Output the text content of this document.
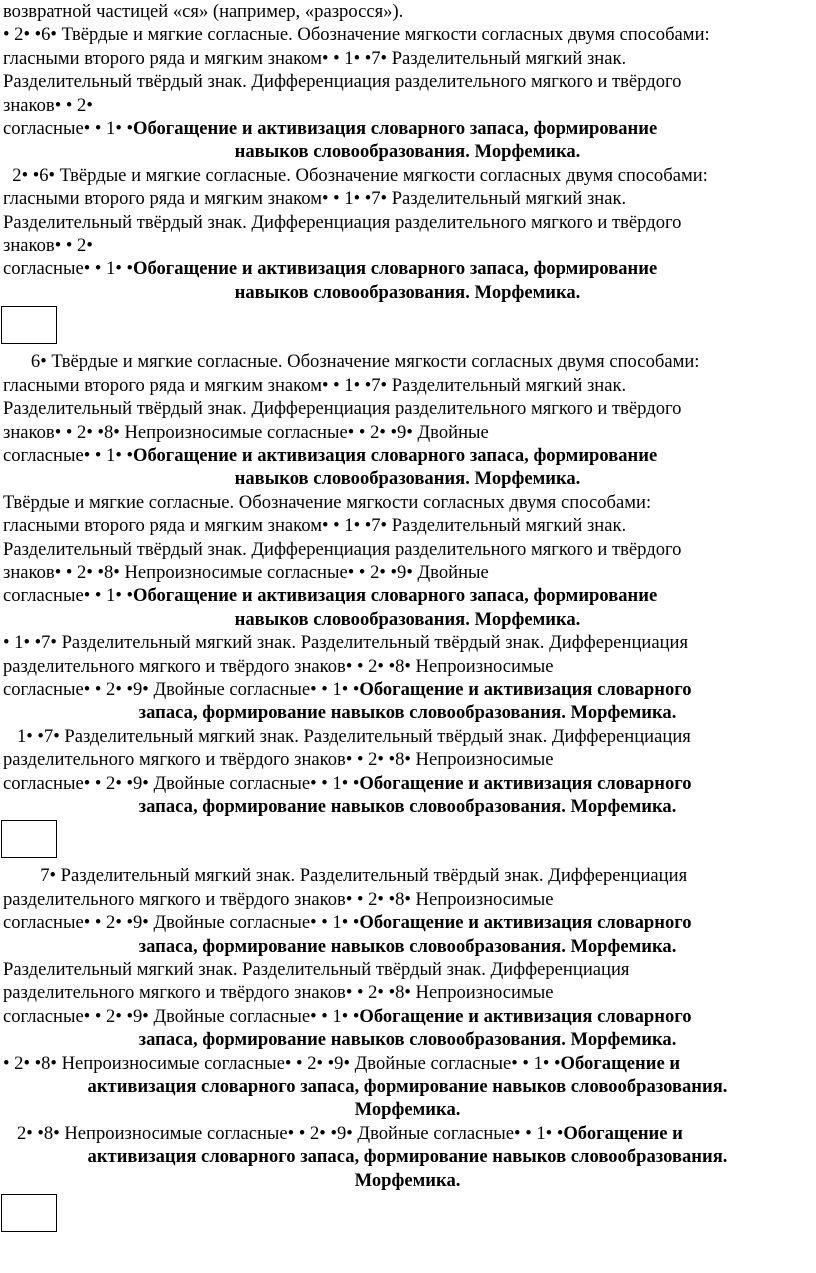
возвратной частицей «ся» (например, «разросся»).
• 2• •6• Твёрдые и мягкие согласные. Обозначение мягкости согласных двумя способами:
гласными второго ряда и мягким знаком• • 1• •7• Разделительный мягкий знак.
Разделительный твёрдый знак. Дифференциация разделительного мягкого и твёрдого
знаков• • 2•
согласные• • 1• •Обогащение и активизация словарного запаса, формирование
навыков словообразования. Морфемика.
2• •6• Твёрдые и мягкие согласные. Обозначение мягкости согласных двумя способами:
гласными второго ряда и мягким знаком• • 1• •7• Разделительный мягкий знак.
Разделительный твёрдый знак. Дифференциация разделительного мягкого и твёрдого
знаков• • 2•
согласные• • 1• •Обогащение и активизация словарного запаса, формирование
навыков словообразования. Морфемика.
6• Твёрдые и мягкие согласные. Обозначение мягкости согласных двумя способами:
гласными второго ряда и мягким знаком• • 1• •7• Разделительный мягкий знак.
Разделительный твёрдый знак. Дифференциация разделительного мягкого и твёрдого
знаков• • 2• •8• Непроизносимые согласные• • 2• •9• Двойные
согласные• • 1• •Обогащение и активизация словарного запаса, формирование
навыков словообразования. Морфемика.
Твёрдые и мягкие согласные. Обозначение мягкости согласных двумя способами:
гласными второго ряда и мягким знаком• • 1• •7• Разделительный мягкий знак.
Разделительный твёрдый знак. Дифференциация разделительного мягкого и твёрдого
знаков• • 2• •8• Непроизносимые согласные• • 2• •9• Двойные
согласные• • 1• •Обогащение и активизация словарного запаса, формирование
навыков словообразования. Морфемика.
• 1• •7• Разделительный мягкий знак. Разделительный твёрдый знак. Дифференциация
разделительного мягкого и твёрдого знаков• • 2• •8• Непроизносимые
согласные• • 2• •9• Двойные согласные• • 1• •Обогащение и активизация словарного
запаса, формирование навыков словообразования. Морфемика.
1• •7• Разделительный мягкий знак. Разделительный твёрдый знак. Дифференциация
разделительного мягкого и твёрдого знаков• • 2• •8• Непроизносимые
согласные• • 2• •9• Двойные согласные• • 1• •Обогащение и активизация словарного
запаса, формирование навыков словообразования. Морфемика.
7• Разделительный мягкий знак. Разделительный твёрдый знак. Дифференциация
разделительного мягкого и твёрдого знаков• • 2• •8• Непроизносимые
согласные• • 2• •9• Двойные согласные• • 1• •Обогащение и активизация словарного
запаса, формирование навыков словообразования. Морфемика.
Разделительный мягкий знак. Разделительный твёрдый знак. Дифференциация
разделительного мягкого и твёрдого знаков• • 2• •8• Непроизносимые
согласные• • 2• •9• Двойные согласные• • 1• •Обогащение и активизация словарного
запаса, формирование навыков словообразования. Морфемика.
• 2• •8• Непроизносимые согласные• • 2• •9• Двойные согласные• • 1• •Обогащение и
активизация словарного запаса, формирование навыков словообразования.
Морфемика.
2• •8• Непроизносимые согласные• • 2• •9• Двойные согласные• • 1• •Обогащение и
активизация словарного запаса, формирование навыков словообразования.
Морфемика.
